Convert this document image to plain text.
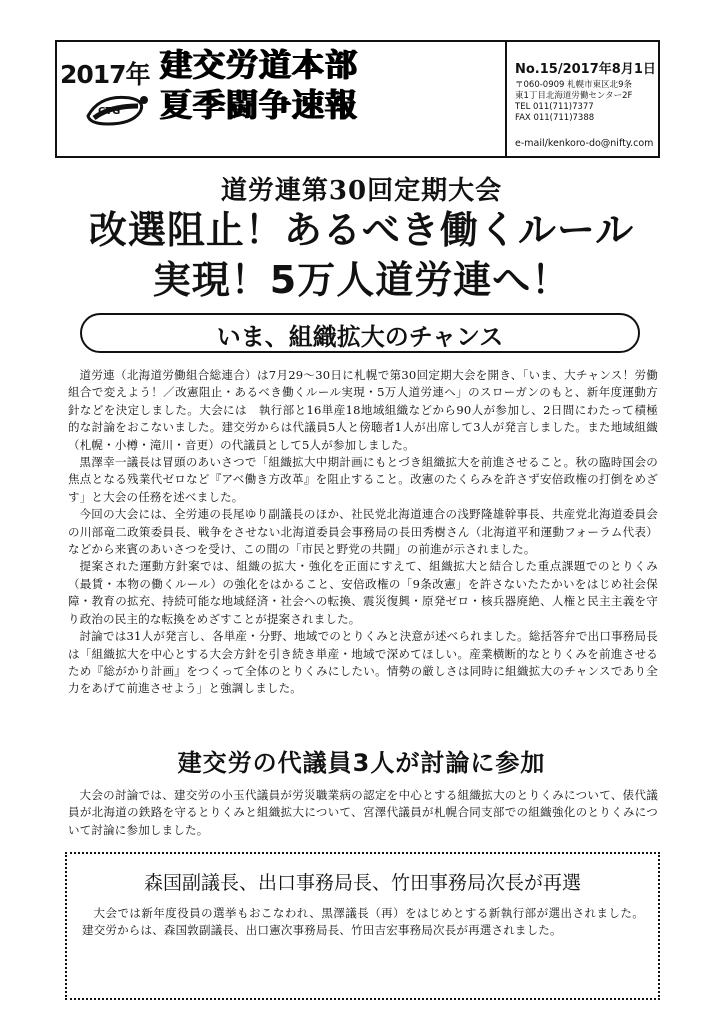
2017年
CTG
建交労道本部
夏季闘争速報
No.15/2017年8月1日
〒060-0909 札幌市東区北9条
東1丁目北海道労働センター2F
TEL 011(711)7377
FAX 011(711)7388
e-mail/kenkoro-do@nifty.com
道労連第30回定期大会
改選阻止！あるべき働くルール
実現！5万人道労連へ！
いま、組織拡大のチャンス

道労連（北海道労働組合総連合）は7月29〜30日に札幌で第30回定期大会を開き、「いま、大チャンス！労働組合で変えよう！／改憲阻止・あるべき働くルール実現・5万人道労連へ」のスローガンのもと、新年度運動方針などを決定しました。大会には　執行部と16単産18地域組織などから90人が参加し、2日間にわたって積極的な討論をおこないました。建交労からは代議員5人と傍聴者1人が出席して3人が発言しました。また地域組織（札幌・小樽・滝川・音更）の代議員として5人が参加しました。

黒澤幸一議長は冒頭のあいさつで「組織拡大中期計画にもとづき組織拡大を前進させること。秋の臨時国会の焦点となる残業代ゼロなど『アベ働き方改革』を阻止すること。改憲のたくらみを許さず安倍政権の打倒をめざす」と大会の任務を述べました。

今回の大会には、全労連の長尾ゆり副議長のほか、社民党北海道連合の浅野隆雄幹事長、共産党北海道委員会の川部竜二政策委員長、戦争をさせない北海道委員会事務局の長田秀樹さん（北海道平和運動フォーラム代表）などから来賓のあいさつを受け、この間の「市民と野党の共闘」の前進が示されました。

提案された運動方針案では、組織の拡大・強化を正面にすえて、組織拡大と結合した重点課題でのとりくみ（最賃・本物の働くルール）の強化をはかること、安倍政権の「9条改憲」を許さないたたかいをはじめ社会保障・教育の拡充、持続可能な地域経済・社会への転換、震災復興・原発ゼロ・核兵器廃絶、人権と民主主義を守り政治の民主的な転換をめざすことが提案されました。

討論では31人が発言し、各単産・分野、地域でのとりくみと決意が述べられました。総括答弁で出口事務局長は「組織拡大を中心とする大会方針を引き続き単産・地域で深めてほしい。産業横断的なとりくみを前進させるため『総がかり計画』をつくって全体のとりくみにしたい。情勢の厳しさは同時に組織拡大のチャンスであり全力をあげて前進させよう」と強調しました。

建交労の代議員3人が討論に参加

大会の討論では、建交労の小玉代議員が労災職業病の認定を中心とする組織拡大のとりくみについて、俵代議員が北海道の鉄路を守るとりくみと組織拡大について、宮澤代議員が札幌合同支部での組織強化のとりくみについて討論に参加しました。

森国副議長、出口事務局長、竹田事務局次長が再選

大会では新年度役員の選挙もおこなわれ、黒澤議長（再）をはじめとする新執行部が選出されました。建交労からは、森国敦副議長、出口憲次事務局長、竹田吉宏事務局次長が再選されました。
